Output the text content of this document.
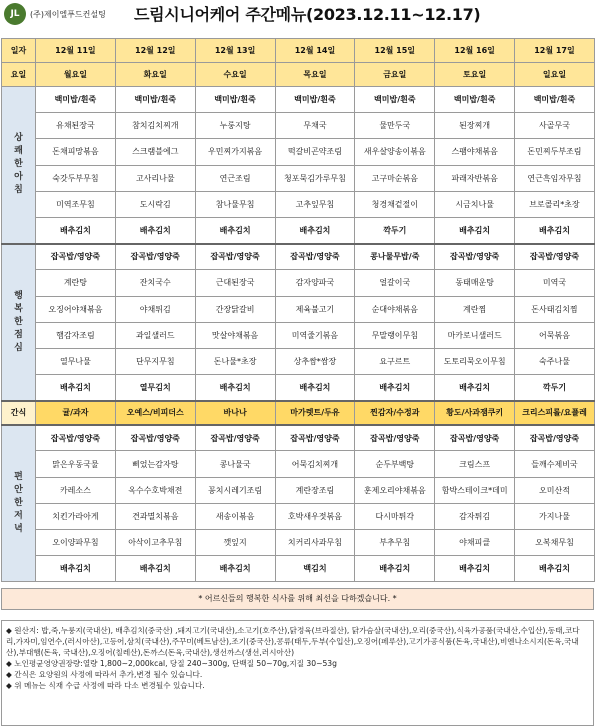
JL	(주)제이엘푸드컨설팅 드림시니어케어 주간메뉴(2023.12.11~12.17)
일자	12월 11일	12월 12일	12월 13일	12월 14일	12월 15일	12월 16일	12월 17일
요일	월요일	화요일	수요일	목요일	금요일	토요일	일요일

상
쾌
한
아
침	백미밥/흰죽	백미밥/흰죽	백미밥/흰죽	백미밥/흰죽	백미밥/흰죽	백미밥/흰죽	백미밥/흰죽
	유채된장국	참치김치찌개	누룽지탕	무채국	물만두국	된장찌개	사골무국
	돈채피망볶음	스크램블에그	우민찌가지볶음	떡갈비곤약조림	새우살양송이볶음	스팸야채볶음	돈민찌두부조림
	숙갓두부무침	고사리나물	연근조림	청포묵김가루무침	고구마순볶음	파래자반볶음	연근흑임자무침
	미역조무침	도시락김	참나물무침	고추잎무침	청경채겉절이	시금치나물	브로콜리*초장
	배추김치	배추김치	배추김치	배추김치	깍두기	배추김치	배추김치

행
복
한
점
심	잡곡밥/영양죽	잡곡밥/영양죽	잡곡밥/영양죽	잡곡밥/영양죽	콩나물무밥/죽	잡곡밥/영양죽	잡곡밥/영양죽
	계란탕	잔치국수	근대된장국	감자양파국	얼갈이국	동태매운탕	미역국
	오징어야채볶음	야채튀김	간장닭갈비	제육불고기	순대야채볶음	계란찜	돈사태김치찜
	햄감자조림	과일샐러드	맛살야채볶음	미역줄기볶음	무말랭이무침	마카로니샐러드	어묵볶음
	열무나물	단무지무침	돈나물*초장	상추쌈*쌈장	요구르트	도토리묵오이무침	숙주나물
	배추김치	열무김치	배추김치	배추김치	배추김치	배추김치	깍두기
간식	귤/과자	오예스/비피더스	바나나	마가렛트/두유	찐감자/수정과	황도/사과잼쿠키	크리스피롤/요플레

편
안
한
저
녁	잡곡밥/영양죽	잡곡밥/영양죽	잡곡밥/영양죽	잡곡밥/영양죽	잡곡밥/영양죽	잡곡밥/영양죽	잡곡밥/영양죽
	맑은우동국물	삐었는감자탕	콩나물국	어묵김치찌개	순두부백탕	크림스프	들깨수제비국
	카레소스	옥수수호박채전	꽁치시레기조림	계란장조림	훈제오리야채볶음	함박스테이크*데미	오미산적
	치킨가라아게	견과멸치볶음	새송이볶음	호박새우젓볶음	다시마튀각	감자튀김	가지나물
	오이양파무침	아삭이고추무침	깻잎지	치커리사과무침	부추무침	야채피클	오복채무침
	배추김치	배추김치	배추김치	백김치	배추김치	배추김치	배추김치
* 어르신들의 행복한 식사를 위해 최선을 다하겠습니다. *

◆ 원산지: 밥,죽,누룽지(국내산), 배추김치(중국산) ,돼지고기(국내산),소고기(호주산),닭정육(브라질산), 닭가슴살(국내산),오리(중국산),식육가공품(국내산,수입산),동태,코다리,가자미,임연수,(러시아산),고등어,삼치(국내산),주꾸미(베트남산),조기(중국산),콩류(태두,두부(수입산),오징어(페루산),고기가공식품(돈육,국내산),비엔나소시지(돈육,국내산),부대햄(돈육, 국내산),오징어(칠레산),돈까스(돈육,국내산),생선까스(생선,러시아산)

◆ 노인평균영양권장량:열량 1,800~2,000kcal, 당질 240~300g, 단백질 50~70g,지질 30~53g

◆ 간식은 요양원의 사정에 따라서 추가,변경 될수 있습니다.

◆ 위 메뉴는 식재 수급 사정에 따라 다소 변경될수 있습니다.
